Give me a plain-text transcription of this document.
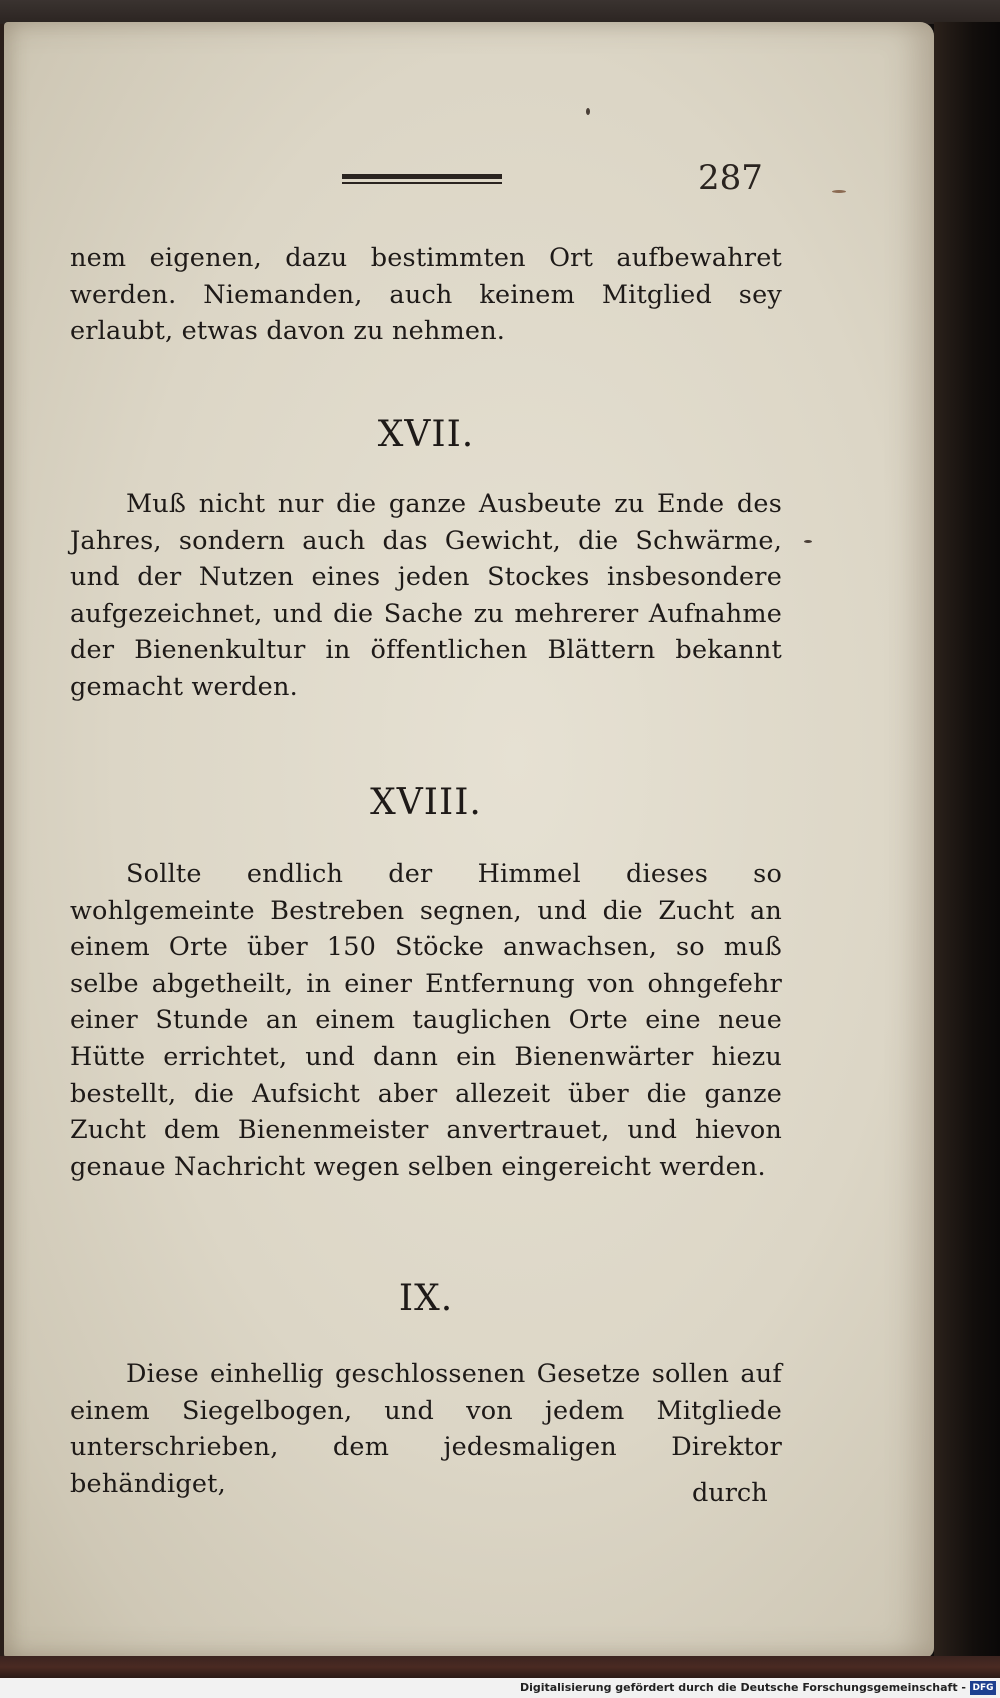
287
nem eigenen, dazu bestimmten Ort aufbewahret werden. Niemanden, auch keinem Mitglied sey erlaubt, etwas davon zu nehmen.
XVII.
Muß nicht nur die ganze Ausbeute zu Ende des Jahres, sondern auch das Gewicht, die Schwärme, und der Nutzen eines jeden Stockes insbesondere aufgezeichnet, und die Sache zu mehrerer Aufnahme der Bienenkultur in öffentlichen Blättern bekannt gemacht werden.
XVIII.
Sollte endlich der Himmel dieses so wohlgemeinte Bestreben segnen, und die Zucht an einem Orte über 150 Stöcke anwachsen, so muß selbe abgetheilt, in einer Entfernung von ohngefehr einer Stunde an einem tauglichen Orte eine neue Hütte errichtet, und dann ein Bienenwärter hiezu bestellt, die Aufsicht aber allezeit über die ganze Zucht dem Bienenmeister anvertrauet, und hievon genaue Nachricht wegen selben eingereicht werden.
IX.
Diese einhellig geschlossenen Gesetze sollen auf einem Siegelbogen, und von jedem Mitgliede unterschrieben, dem jedesmaligen Direktor behändiget,	durch
Digitalisierung gefördert durch die Deutsche Forschungsgemeinschaft - DFG
